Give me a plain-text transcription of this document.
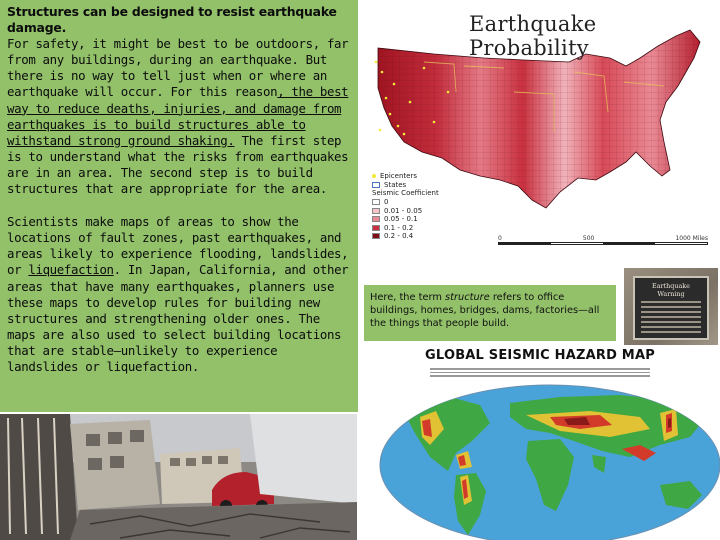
Structures can be designed to resist earthquake damage.
For safety, it might be best to be outdoors, far from any buildings, during an earthquake. But there is no way to tell just when or where an earthquake will occur. For this reason, the best way to reduce deaths, injuries, and damage from earthquakes is to build structures able to withstand strong ground shaking. The first step is to understand what the risks from earthquakes are in an area. The second step is to build structures that are appropriate for the area.

Scientists make maps of areas to show the locations of fault zones, past earthquakes, and areas likely to experience flooding, landslides, or liquefaction. In Japan, California, and other areas that have many earthquakes, planners use these maps to develop rules for building new structures and strengthening older ones. The maps are also used to select building locations that are stable—unlikely to experience landslides or liquefaction.

Earthquake Probability
Epicenters
States
Seismic Coefficient
0
0.01 - 0.05
0.05 - 0.1
0.1 - 0.2
0.2 - 0.4	0	500	1000 Miles
Here, the term structure refers to office buildings, homes, bridges, dams, factories—all the things that people build.
Earthquake Warning
GLOBAL SEISMIC HAZARD MAP
